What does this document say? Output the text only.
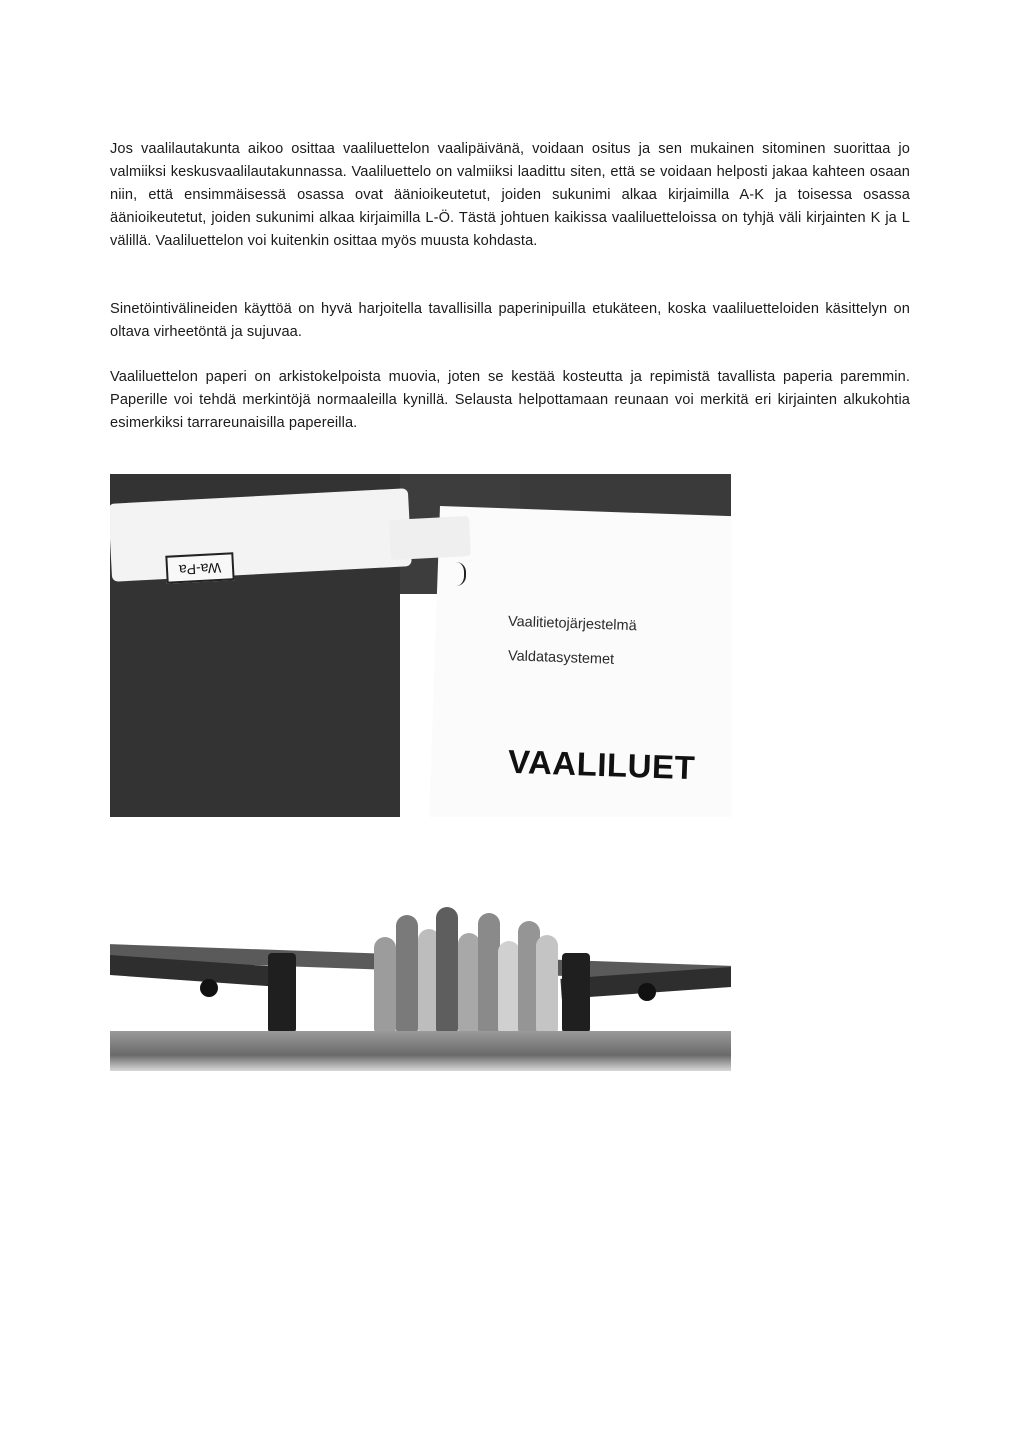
Jos vaalilautakunta aikoo osittaa vaaliluettelon vaalipäivänä, voidaan ositus ja sen mukainen sitominen suorittaa jo valmiiksi keskusvaalilautakunnassa. Vaaliluettelo on valmiiksi laadittu siten, että se voidaan helposti jakaa kahteen osaan niin, että ensimmäisessä osassa ovat äänioikeutetut, joiden sukunimi alkaa kirjaimilla A-K ja toisessa osassa äänioikeutetut, joiden sukunimi alkaa kirjaimilla L-Ö. Tästä johtuen kaikissa vaaliluetteloissa on tyhjä väli kirjainten K ja L välillä. Vaaliluettelon voi kuitenkin osittaa myös muusta kohdasta.
Sinetöintivälineiden käyttöä on hyvä harjoitella tavallisilla paperinipuilla etukäteen, koska vaaliluetteloiden käsittelyn on oltava virheetöntä ja sujuvaa.
Vaaliluettelon paperi on arkistokelpoista muovia, joten se kestää kosteutta ja repimistä tavallista paperia paremmin. Paperille voi tehdä merkintöjä normaaleilla kynillä. Selausta helpottamaan reunaan voi merkitä eri kirjainten alkukohtia esimerkiksi tarrareunaisilla papereilla.
Wa-Pa
Vaalitietojärjestelmä
Valdatasystemet
VAALILUET
